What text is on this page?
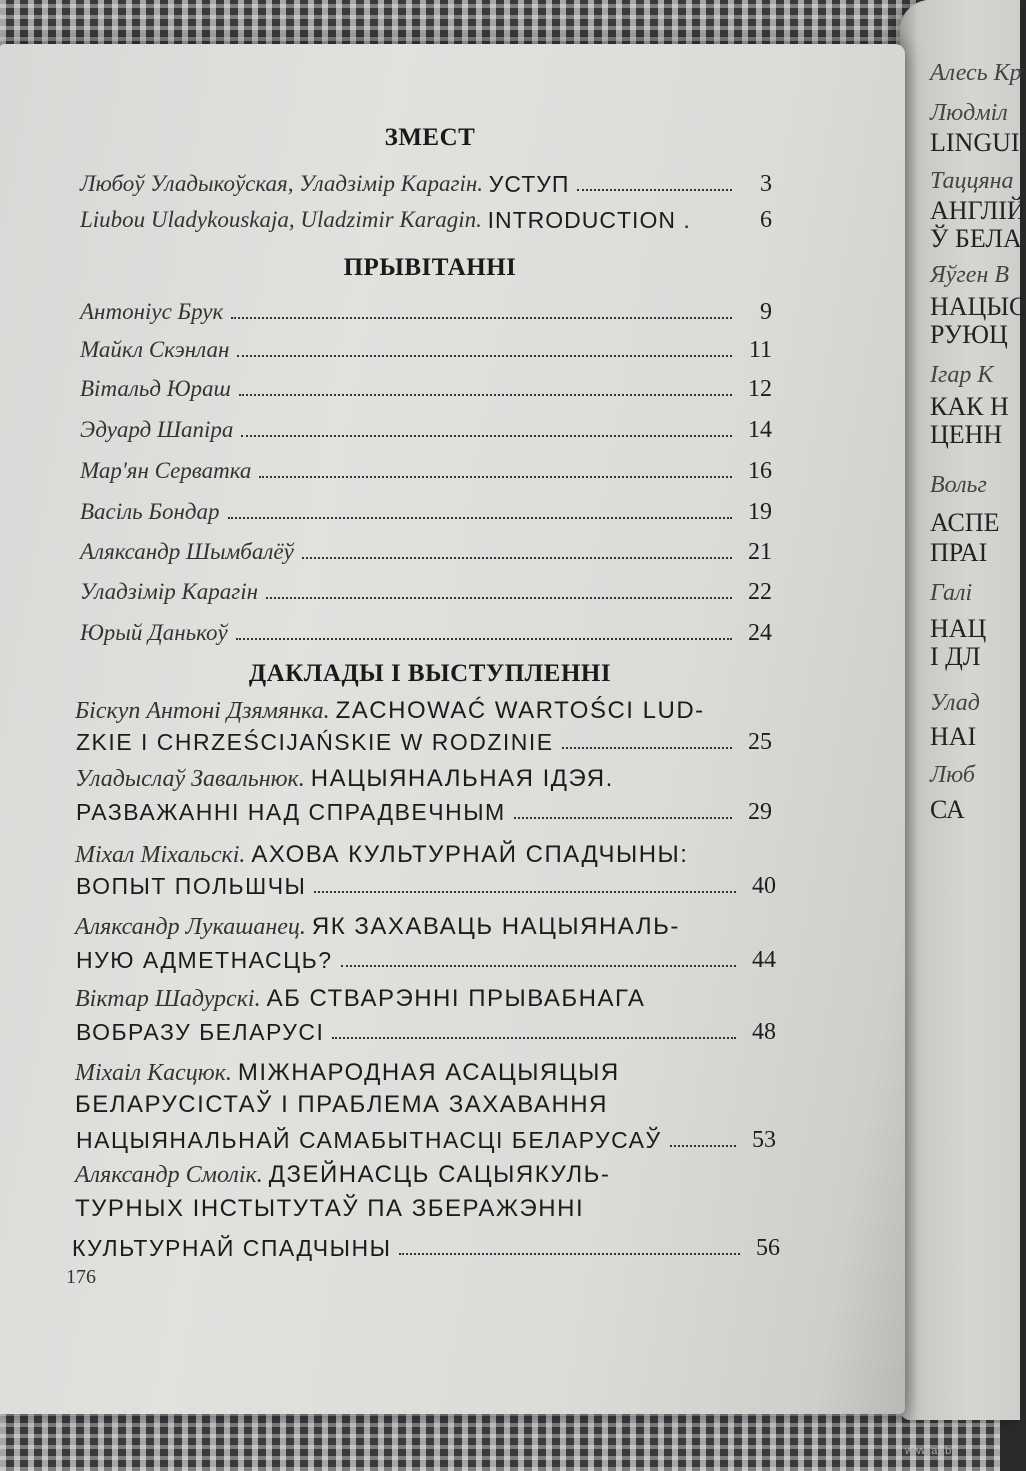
Алесь Кр
Людміл
LINGUI
Таццяна
АНГЛІЙ
Ў БЕЛА
Яўген В
НАЦЫС
РУЮЦ
Ігар К
КАК Н
ЦЕНН
Вольг
АСПЕ
ПРАІ
Галі
НАЦ
І ДЛ
Улад
НАІ
Люб
СА
ЗМЕСТ
Любоў Уладыкоўская, Уладзімір Карагін.
УСТУП	3
Liubou Uladykouskaja, Uladzimir Karagin.
INTRODUCTION .	6
ПРЫВІТАННІ
Антоніус Брук	9
Майкл Скэнлан	11
Вітальд Юраш	12
Эдуард Шапіра	14
Мар'ян Серватка	16
Васіль Бондар	19
Аляксандр Шымбалёў	21
Уладзімір Карагін	22
Юрый Данькоў	24
ДАКЛАДЫ І ВЫСТУПЛЕННІ
Біскуп Антоні Дзямянка. ZACHOWAĆ WARTOŚCI LUD-
ZKIE I CHRZEŚCIJAŃSKIE W RODZINIE	25
Уладыслаў Завальнюк. НАЦЫЯНАЛЬНАЯ ІДЭЯ.
РАЗВАЖАННІ НАД СПРАДВЕЧНЫМ	29
Міхал Міхальскі. АХОВА КУЛЬТУРНАЙ СПАДЧЫНЫ:
ВОПЫТ ПОЛЬШЧЫ	40
Аляксандр Лукашанец. ЯК ЗАХАВАЦЬ НАЦЫЯНАЛЬ-
НУЮ АДМЕТНАСЦЬ?	44
Віктар Шадурскі. АБ СТВАРЭННІ ПРЫВАБНАГА
ВОБРАЗУ БЕЛАРУСІ	48
Міхаіл Касцюк. МІЖНАРОДНАЯ АСАЦЫЯЦЫЯ
БЕЛАРУСІСТАЎ І ПРАБЛЕМА ЗАХАВАННЯ
НАЦЫЯНАЛЬНАЙ САМАБЫТНАСЦІ БЕЛАРУСАЎ	53
Аляксандр Смолік. ДЗЕЙНАСЦЬ САЦЫЯКУЛЬ-
ТУРНЫХ ІНСТЫТУТАЎ ПА ЗБЕРАЖЭННІ
КУЛЬТУРНАЙ СПАДЧЫНЫ	56
176
www.ay.by
